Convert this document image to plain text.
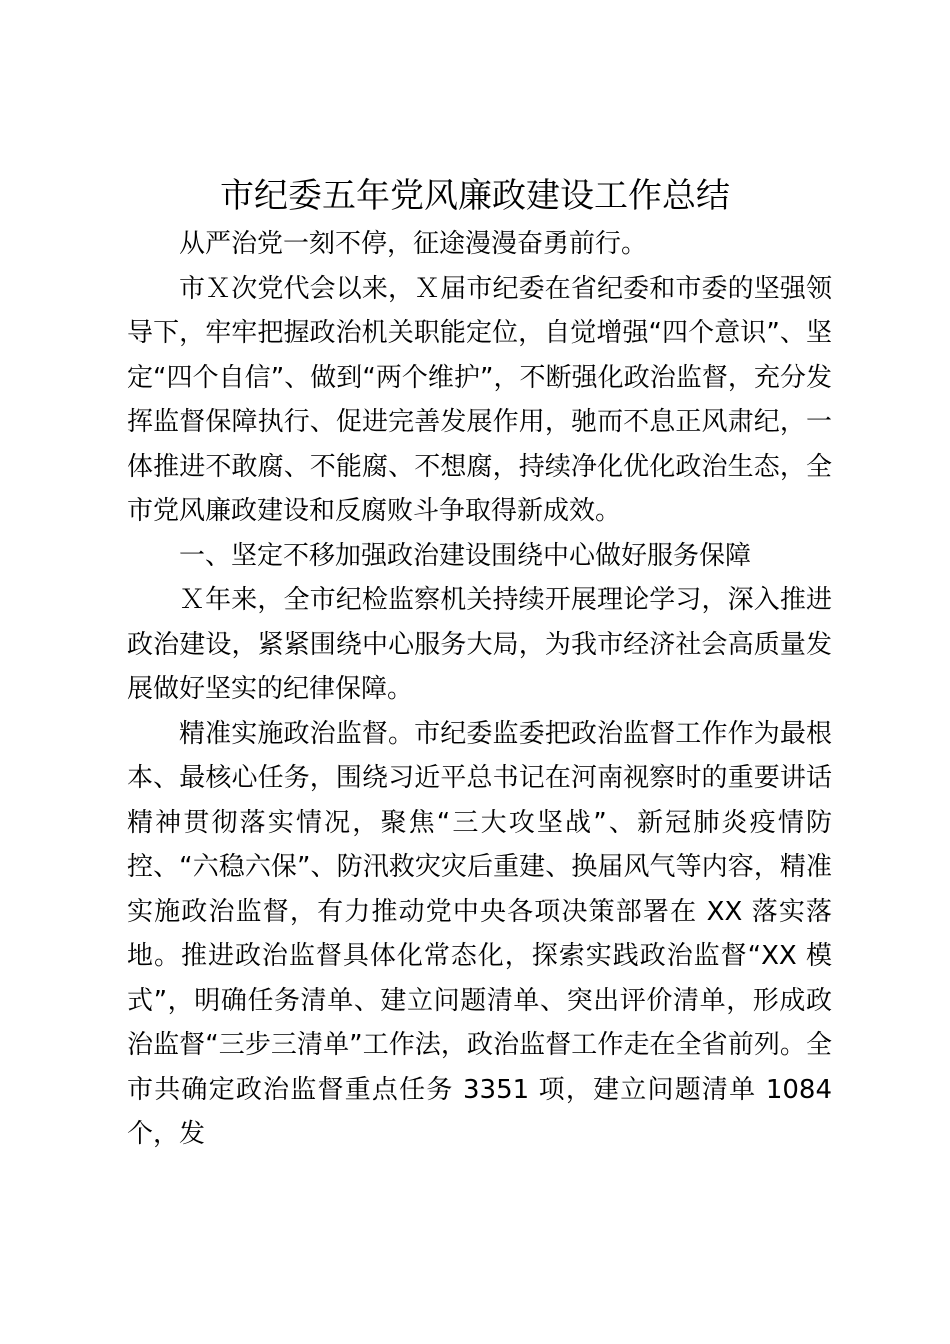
市纪委五年党风廉政建设工作总结

从严治党一刻不停，征途漫漫奋勇前行。

市Ｘ次党代会以来，Ｘ届市纪委在省纪委和市委的坚强领导下，牢牢把握政治机关职能定位，自觉增强“四个意识”、坚定“四个自信”、做到“两个维护”，不断强化政治监督，充分发挥监督保障执行、促进完善发展作用，驰而不息正风肃纪，一体推进不敢腐、不能腐、不想腐，持续净化优化政治生态，全市党风廉政建设和反腐败斗争取得新成效。

一、坚定不移加强政治建设围绕中心做好服务保障

Ｘ年来，全市纪检监察机关持续开展理论学习，深入推进政治建设，紧紧围绕中心服务大局，为我市经济社会高质量发展做好坚实的纪律保障。

精准实施政治监督。市纪委监委把政治监督工作作为最根本、最核心任务，围绕习近平总书记在河南视察时的重要讲话精神贯彻落实情况，聚焦“三大攻坚战”、新冠肺炎疫情防控、“六稳六保”、防汛救灾灾后重建、换届风气等内容，精准实施政治监督，有力推动党中央各项决策部署在 XX 落实落地。推进政治监督具体化常态化，探索实践政治监督“XX 模式”，明确任务清单、建立问题清单、突出评价清单，形成政治监督“三步三清单”工作法，政治监督工作走在全省前列。全市共确定政治监督重点任务 3351 项，建立问题清单 1084 个，发
